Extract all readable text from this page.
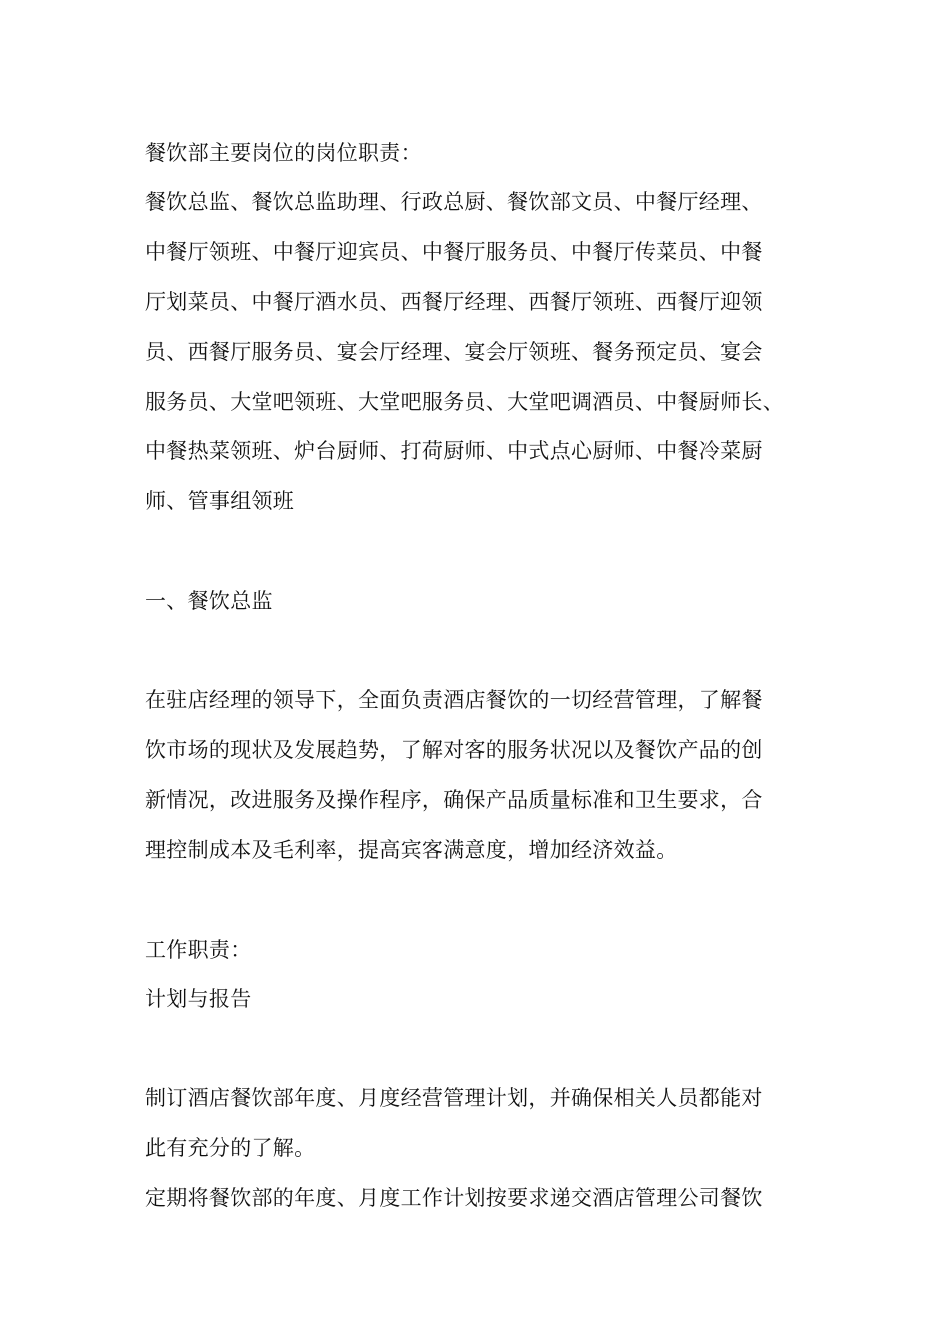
餐饮部主要岗位的岗位职责：
餐饮总监、餐饮总监助理、行政总厨、餐饮部文员、中餐厅经理、
中餐厅领班、中餐厅迎宾员、中餐厅服务员、中餐厅传菜员、中餐
厅划菜员、中餐厅酒水员、西餐厅经理、西餐厅领班、西餐厅迎领
员、西餐厅服务员、宴会厅经理、宴会厅领班、餐务预定员、宴会
服务员、大堂吧领班、大堂吧服务员、大堂吧调酒员、中餐厨师长、
中餐热菜领班、炉台厨师、打荷厨师、中式点心厨师、中餐冷菜厨
师、管事组领班
一、餐饮总监
在驻店经理的领导下，全面负责酒店餐饮的一切经营管理，了解餐
饮市场的现状及发展趋势，了解对客的服务状况以及餐饮产品的创
新情况，改进服务及操作程序，确保产品质量标准和卫生要求，合
理控制成本及毛利率，提高宾客满意度，增加经济效益。
工作职责：
计划与报告
制订酒店餐饮部年度、月度经营管理计划，并确保相关人员都能对
此有充分的了解。
定期将餐饮部的年度、月度工作计划按要求递交酒店管理公司餐饮
